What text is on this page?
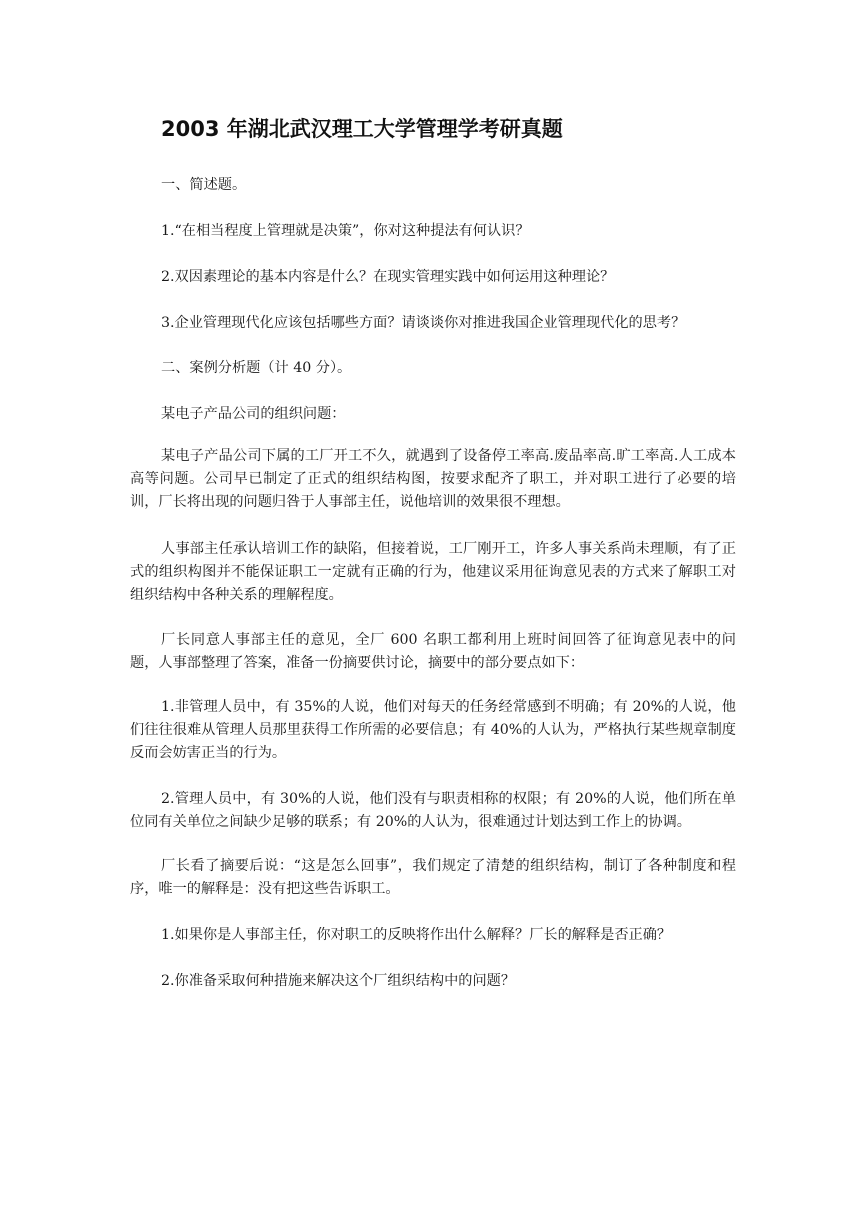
2003 年湖北武汉理工大学管理学考研真题
一、简述题。
1.“在相当程度上管理就是决策”，你对这种提法有何认识？
2.双因素理论的基本内容是什么？在现实管理实践中如何运用这种理论？
3.企业管理现代化应该包括哪些方面？请谈谈你对推进我国企业管理现代化的思考？
二、案例分析题（计 40 分）。
某电子产品公司的组织问题：
某电子产品公司下属的工厂开工不久，就遇到了设备停工率高.废品率高.旷工率高.人工成本高等问题。公司早已制定了正式的组织结构图，按要求配齐了职工，并对职工进行了必要的培训，厂长将出现的问题归咎于人事部主任，说他培训的效果很不理想。
人事部主任承认培训工作的缺陷，但接着说，工厂刚开工，许多人事关系尚未理顺，有了正式的组织构图并不能保证职工一定就有正确的行为，他建议采用征询意见表的方式来了解职工对组织结构中各种关系的理解程度。
厂长同意人事部主任的意见，全厂 600 名职工都利用上班时间回答了征询意见表中的问题，人事部整理了答案，准备一份摘要供讨论，摘要中的部分要点如下：
1.非管理人员中，有 35%的人说，他们对每天的任务经常感到不明确；有 20%的人说，他们往往很难从管理人员那里获得工作所需的必要信息；有 40%的人认为，严格执行某些规章制度反而会妨害正当的行为。
2.管理人员中，有 30%的人说，他们没有与职责相称的权限；有 20%的人说，他们所在单位同有关单位之间缺少足够的联系；有 20%的人认为，很难通过计划达到工作上的协调。
厂长看了摘要后说：“这是怎么回事”，我们规定了清楚的组织结构，制订了各种制度和程序，唯一的解释是：没有把这些告诉职工。
1.如果你是人事部主任，你对职工的反映将作出什么解释？厂长的解释是否正确？
2.你准备采取何种措施来解决这个厂组织结构中的问题？
